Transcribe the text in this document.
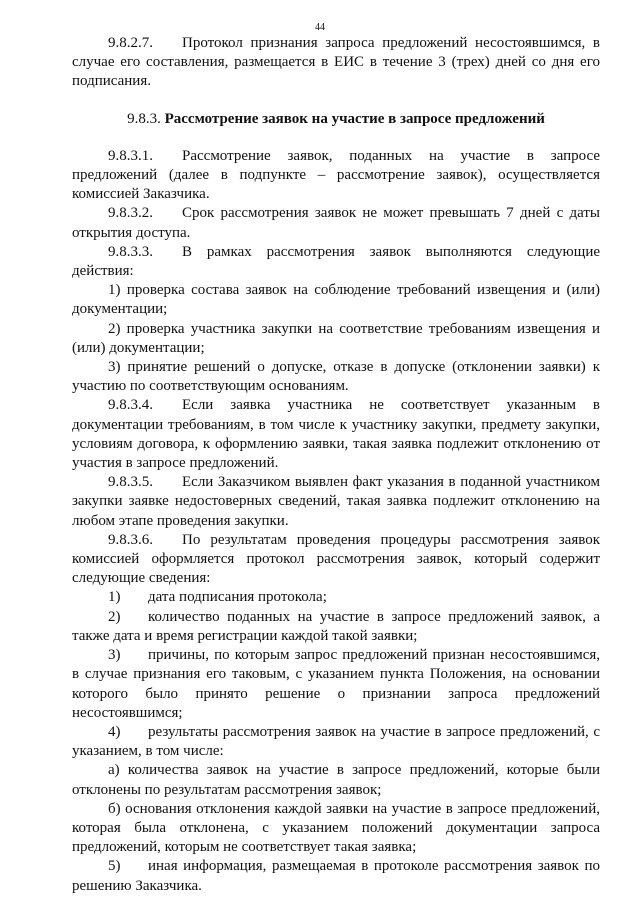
44

9.8.2.7. Протокол признания запроса предложений несостоявшимся, в случае его составления, размещается в ЕИС в течение 3 (трех) дней со дня его подписания.

9.8.3. Рассмотрение заявок на участие в запросе предложений

9.8.3.1. Рассмотрение заявок, поданных на участие в запросе предложений (далее в подпункте – рассмотрение заявок), осуществляется комиссией Заказчика.

9.8.3.2. Срок рассмотрения заявок не может превышать 7 дней с даты открытия доступа.

9.8.3.3. В рамках рассмотрения заявок выполняются следующие действия:

1) проверка состава заявок на соблюдение требований извещения и (или) документации;

2) проверка участника закупки на соответствие требованиям извещения и (или) документации;

3) принятие решений о допуске, отказе в допуске (отклонении заявки) к участию по соответствующим основаниям.

9.8.3.4. Если заявка участника не соответствует указанным в документации требованиям, в том числе к участнику закупки, предмету закупки, условиям договора, к оформлению заявки, такая заявка подлежит отклонению от участия в запросе предложений.

9.8.3.5. Если Заказчиком выявлен факт указания в поданной участником закупки заявке недостоверных сведений, такая заявка подлежит отклонению на любом этапе проведения закупки.

9.8.3.6. По результатам проведения процедуры рассмотрения заявок комиссией оформляется протокол рассмотрения заявок, который содержит следующие сведения:

1) дата подписания протокола;

2) количество поданных на участие в запросе предложений заявок, а также дата и время регистрации каждой такой заявки;

3) причины, по которым запрос предложений признан несостоявшимся, в случае признания его таковым, с указанием пункта Положения, на основании которого было принято решение о признании запроса предложений несостоявшимся;

4) результаты рассмотрения заявок на участие в запросе предложений, с указанием, в том числе:

а) количества заявок на участие в запросе предложений, которые были отклонены по результатам рассмотрения заявок;

б) основания отклонения каждой заявки на участие в запросе предложений, которая была отклонена, с указанием положений документации запроса предложений, которым не соответствует такая заявка;

5) иная информация, размещаемая в протоколе рассмотрения заявок по решению Заказчика.
